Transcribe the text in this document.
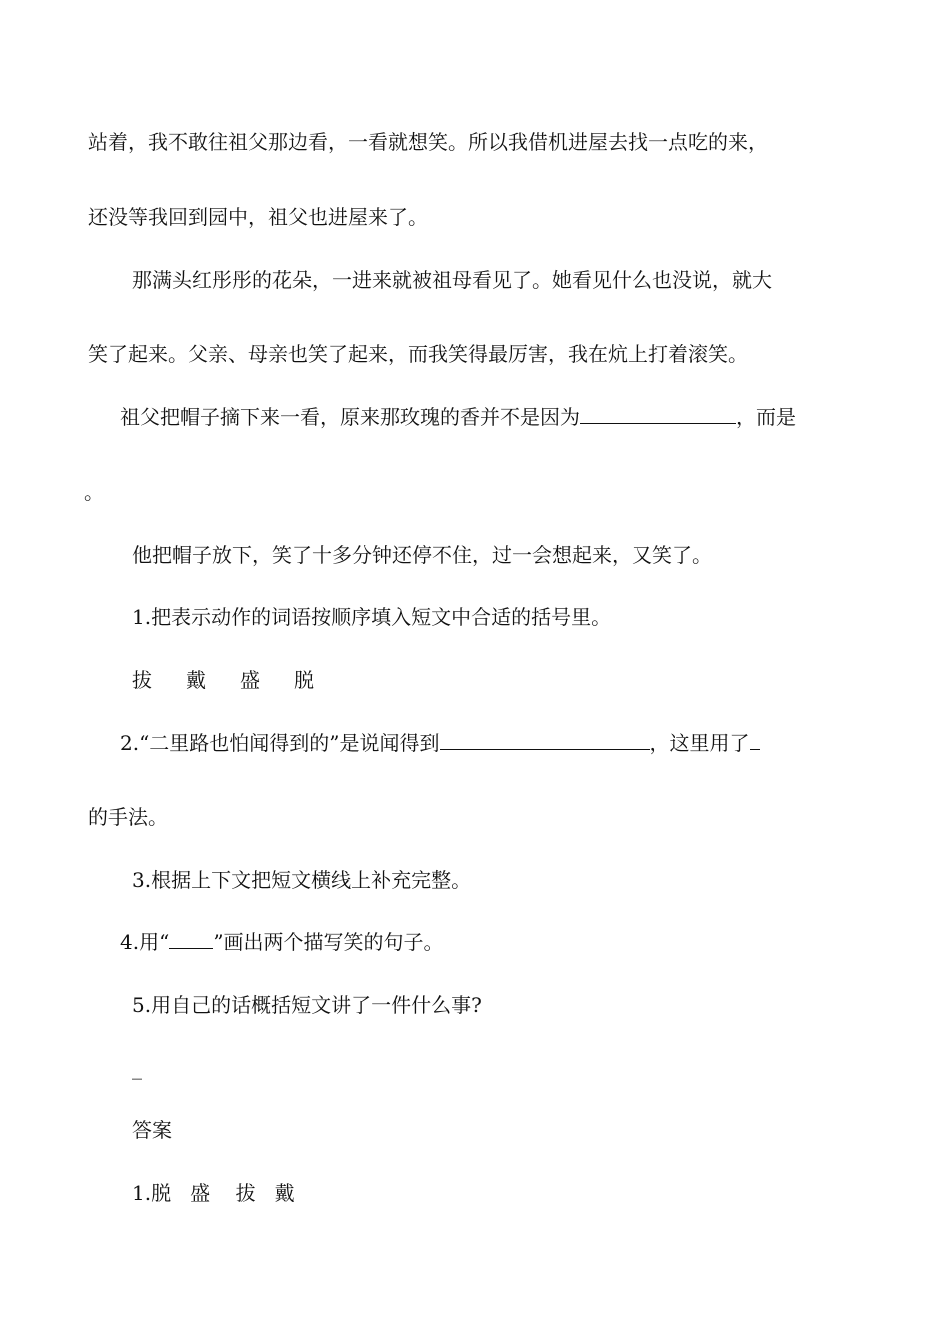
站着，我不敢往祖父那边看，一看就想笑。所以我借机进屋去找一点吃的来，
还没等我回到园中，祖父也进屋来了。
那满头红彤彤的花朵，一进来就被祖母看见了。她看见什么也没说，就大
笑了起来。父亲、母亲也笑了起来，而我笑得最厉害，我在炕上打着滚笑。
祖父把帽子摘下来一看，原来那玫瑰的香并不是因为	，而是
。
他把帽子放下，笑了十多分钟还停不住，过一会想起来，又笑了。
1.把表示动作的词语按顺序填入短文中合适的括号里。
拔 戴 盛 脱
2.“二里路也怕闻得到的”是说闻得到	，这里用了
的手法。
3.根据上下文把短文横线上补充完整。
4.用“ ”画出两个描写笑的句子。
5.用自己的话概括短文讲了一件什么事?
_
答案
1.脱   盛    拔   戴
